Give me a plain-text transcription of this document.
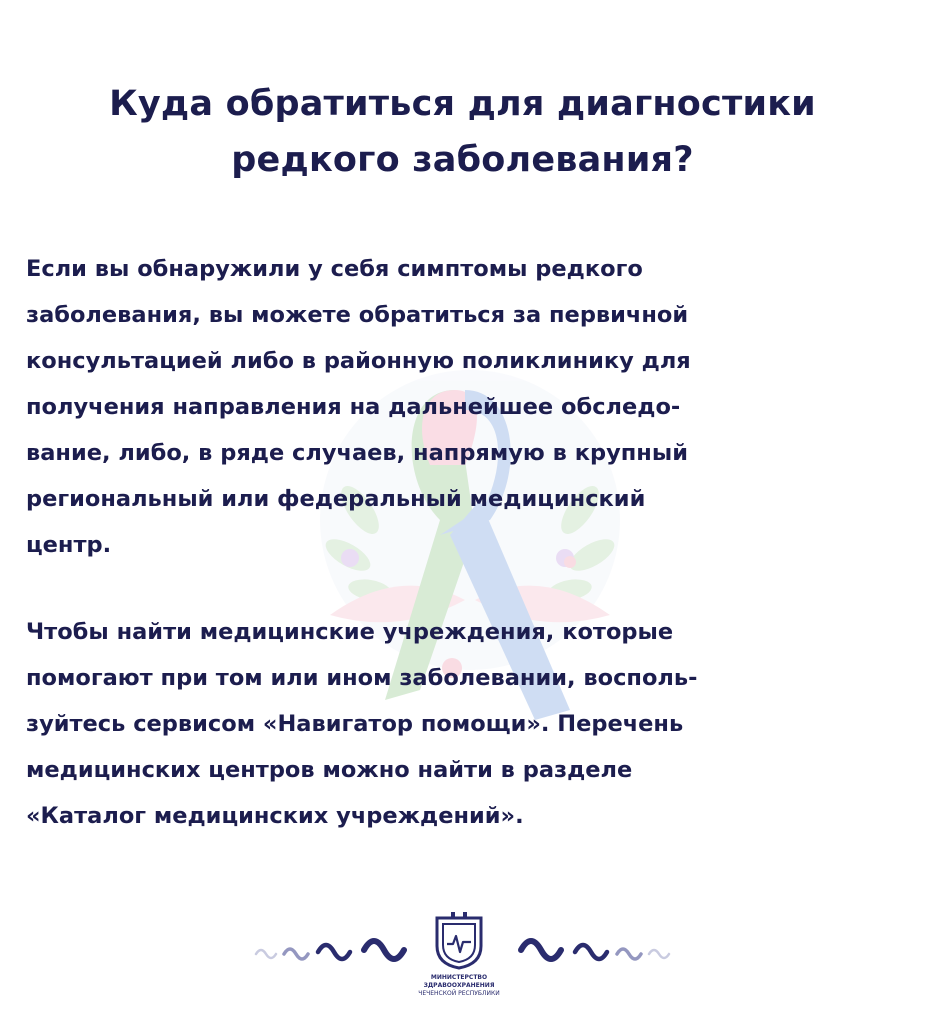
Куда обратиться для диагностики
редкого заболевания?
Если вы обнаружили у себя симптомы редкого
заболевания, вы можете обратиться за первичной
консультацией либо в районную поликлинику для
получения направления на дальнейшее обследо-
вание, либо, в ряде случаев, напрямую в крупный
региональный или федеральный медицинский
центр.
Чтобы найти медицинские учреждения, которые
помогают при том или ином заболевании, восполь-
зуйтесь сервисом «Навигатор помощи». Перечень
медицинских центров можно найти в разделе
«Каталог медицинских учреждений».
МИНИСТЕРСТВО
ЗДРАВООХРАНЕНИЯ
ЧЕЧЕНСКОЙ РЕСПУБЛИКИ
